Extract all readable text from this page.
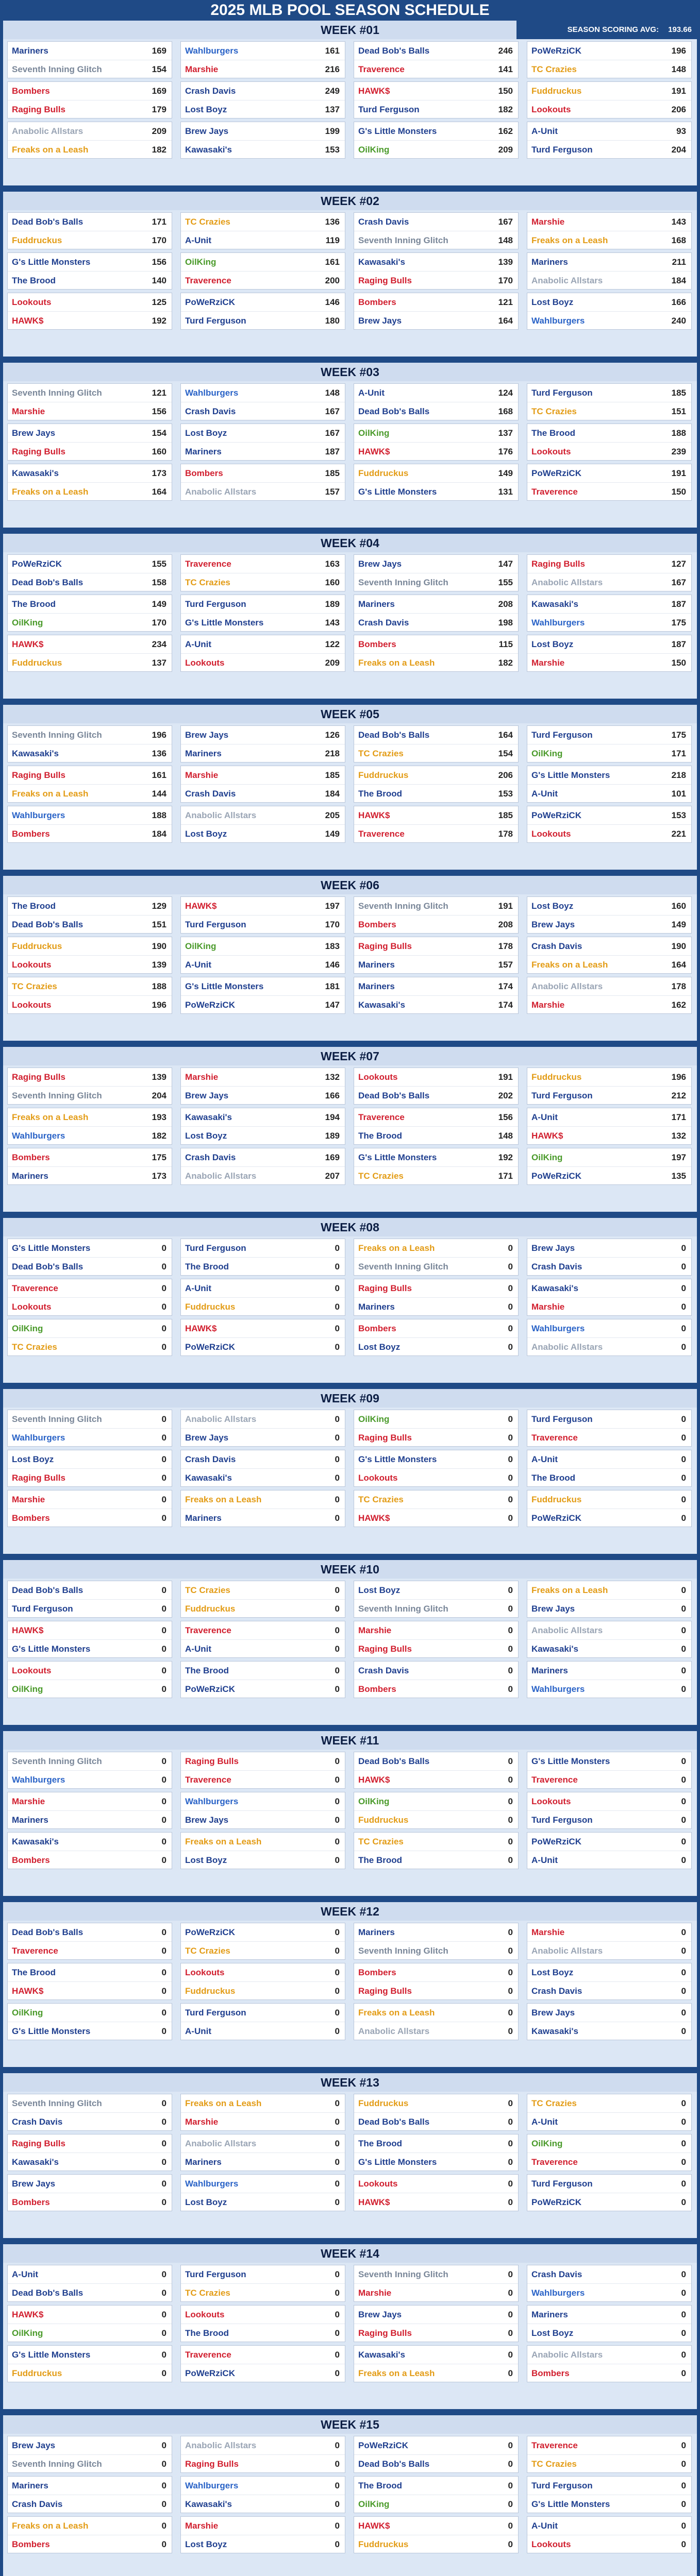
2025 MLB POOL SEASON SCHEDULE
WEEK #01	SEASON SCORING AVG: 193.66
Mariners	169
Seventh Inning Glitch	154
Wahlburgers	161
Marshie	216
Dead Bob's Balls	246
Traverence	141
PoWeRziCK	196
TC Crazies	148
Bombers	169
Raging Bulls	179
Crash Davis	249
Lost Boyz	137
HAWK$	150
Turd Ferguson	182
Fuddruckus	191
Lookouts	206
Anabolic Allstars	209
Freaks on a Leash	182
Brew Jays	199
Kawasaki's	153
G's Little Monsters	162
OilKing	209
A-Unit	93
Turd Ferguson	204
WEEK #02
Dead Bob's Balls	171
Fuddruckus	170
TC Crazies	136
A-Unit	119
Crash Davis	167
Seventh Inning Glitch	148
Marshie	143
Freaks on a Leash	168
G's Little Monsters	156
The Brood	140
OilKing	161
Traverence	200
Kawasaki's	139
Raging Bulls	170
Mariners	211
Anabolic Allstars	184
Lookouts	125
HAWK$	192
PoWeRziCK	146
Turd Ferguson	180
Bombers	121
Brew Jays	164
Lost Boyz	166
Wahlburgers	240
WEEK #03
Seventh Inning Glitch	121
Marshie	156
Wahlburgers	148
Crash Davis	167
A-Unit	124
Dead Bob's Balls	168
Turd Ferguson	185
TC Crazies	151
Brew Jays	154
Raging Bulls	160
Lost Boyz	167
Mariners	187
OilKing	137
HAWK$	176
The Brood	188
Lookouts	239
Kawasaki's	173
Freaks on a Leash	164
Bombers	185
Anabolic Allstars	157
Fuddruckus	149
G's Little Monsters	131
PoWeRziCK	191
Traverence	150
WEEK #04
PoWeRziCK	155
Dead Bob's Balls	158
Traverence	163
TC Crazies	160
Brew Jays	147
Seventh Inning Glitch	155
Raging Bulls	127
Anabolic Allstars	167
The Brood	149
OilKing	170
Turd Ferguson	189
G's Little Monsters	143
Mariners	208
Crash Davis	198
Kawasaki's	187
Wahlburgers	175
HAWK$	234
Fuddruckus	137
A-Unit	122
Lookouts	209
Bombers	115
Freaks on a Leash	182
Lost Boyz	187
Marshie	150
WEEK #05
Seventh Inning Glitch	196
Kawasaki's	136
Brew Jays	126
Mariners	218
Dead Bob's Balls	164
TC Crazies	154
Turd Ferguson	175
OilKing	171
Raging Bulls	161
Freaks on a Leash	144
Marshie	185
Crash Davis	184
Fuddruckus	206
The Brood	153
G's Little Monsters	218
A-Unit	101
Wahlburgers	188
Bombers	184
Anabolic Allstars	205
Lost Boyz	149
HAWK$	185
Traverence	178
PoWeRziCK	153
Lookouts	221
WEEK #06
The Brood	129
Dead Bob's Balls	151
HAWK$	197
Turd Ferguson	170
Seventh Inning Glitch	191
Bombers	208
Lost Boyz	160
Brew Jays	149
Fuddruckus	190
Lookouts	139
OilKing	183
A-Unit	146
Raging Bulls	178
Mariners	157
Crash Davis	190
Freaks on a Leash	164
TC Crazies	188
Lookouts	196
G's Little Monsters	181
PoWeRziCK	147
Mariners	174
Kawasaki's	174
Anabolic Allstars	178
Marshie	162
WEEK #07
Raging Bulls	139
Seventh Inning Glitch	204
Marshie	132
Brew Jays	166
Lookouts	191
Dead Bob's Balls	202
Fuddruckus	196
Turd Ferguson	212
Freaks on a Leash	193
Wahlburgers	182
Kawasaki's	194
Lost Boyz	189
Traverence	156
The Brood	148
A-Unit	171
HAWK$	132
Bombers	175
Mariners	173
Crash Davis	169
Anabolic Allstars	207
G's Little Monsters	192
TC Crazies	171
OilKing	197
PoWeRziCK	135
WEEK #08
G's Little Monsters	0
Dead Bob's Balls	0
Turd Ferguson	0
The Brood	0
Freaks on a Leash	0
Seventh Inning Glitch	0
Brew Jays	0
Crash Davis	0
Traverence	0
Lookouts	0
A-Unit	0
Fuddruckus	0
Raging Bulls	0
Mariners	0
Kawasaki's	0
Marshie	0
OilKing	0
TC Crazies	0
HAWK$	0
PoWeRziCK	0
Bombers	0
Lost Boyz	0
Wahlburgers	0
Anabolic Allstars	0
WEEK #09
Seventh Inning Glitch	0
Wahlburgers	0
Anabolic Allstars	0
Brew Jays	0
OilKing	0
Raging Bulls	0
Turd Ferguson	0
Traverence	0
Lost Boyz	0
Raging Bulls	0
Crash Davis	0
Kawasaki's	0
G's Little Monsters	0
Lookouts	0
A-Unit	0
The Brood	0
Marshie	0
Bombers	0
Freaks on a Leash	0
Mariners	0
TC Crazies	0
HAWK$	0
Fuddruckus	0
PoWeRziCK	0
WEEK #10
Dead Bob's Balls	0
Turd Ferguson	0
TC Crazies	0
Fuddruckus	0
Lost Boyz	0
Seventh Inning Glitch	0
Freaks on a Leash	0
Brew Jays	0
HAWK$	0
G's Little Monsters	0
Traverence	0
A-Unit	0
Marshie	0
Raging Bulls	0
Anabolic Allstars	0
Kawasaki's	0
Lookouts	0
OilKing	0
The Brood	0
PoWeRziCK	0
Crash Davis	0
Bombers	0
Mariners	0
Wahlburgers	0
WEEK #11
Seventh Inning Glitch	0
Wahlburgers	0
Raging Bulls	0
Traverence	0
Dead Bob's Balls	0
HAWK$	0
G's Little Monsters	0
Traverence	0
Marshie	0
Mariners	0
Wahlburgers	0
Brew Jays	0
OilKing	0
Fuddruckus	0
Lookouts	0
Turd Ferguson	0
Kawasaki's	0
Bombers	0
Freaks on a Leash	0
Lost Boyz	0
TC Crazies	0
The Brood	0
PoWeRziCK	0
A-Unit	0
WEEK #12
Dead Bob's Balls	0
Traverence	0
PoWeRziCK	0
TC Crazies	0
Mariners	0
Seventh Inning Glitch	0
Marshie	0
Anabolic Allstars	0
The Brood	0
HAWK$	0
Lookouts	0
Fuddruckus	0
Bombers	0
Raging Bulls	0
Lost Boyz	0
Crash Davis	0
OilKing	0
G's Little Monsters	0
Turd Ferguson	0
A-Unit	0
Freaks on a Leash	0
Anabolic Allstars	0
Brew Jays	0
Kawasaki's	0
WEEK #13
Seventh Inning Glitch	0
Crash Davis	0
Freaks on a Leash	0
Marshie	0
Fuddruckus	0
Dead Bob's Balls	0
TC Crazies	0
A-Unit	0
Raging Bulls	0
Kawasaki's	0
Anabolic Allstars	0
Mariners	0
The Brood	0
G's Little Monsters	0
OilKing	0
Traverence	0
Brew Jays	0
Bombers	0
Wahlburgers	0
Lost Boyz	0
Lookouts	0
HAWK$	0
Turd Ferguson	0
PoWeRziCK	0
WEEK #14
A-Unit	0
Dead Bob's Balls	0
Turd Ferguson	0
TC Crazies	0
Seventh Inning Glitch	0
Marshie	0
Crash Davis	0
Wahlburgers	0
HAWK$	0
OilKing	0
Lookouts	0
The Brood	0
Brew Jays	0
Raging Bulls	0
Mariners	0
Lost Boyz	0
G's Little Monsters	0
Fuddruckus	0
Traverence	0
PoWeRziCK	0
Kawasaki's	0
Freaks on a Leash	0
Anabolic Allstars	0
Bombers	0
WEEK #15
Brew Jays	0
Seventh Inning Glitch	0
Anabolic Allstars	0
Raging Bulls	0
PoWeRziCK	0
Dead Bob's Balls	0
Traverence	0
TC Crazies	0
Mariners	0
Crash Davis	0
Wahlburgers	0
Kawasaki's	0
The Brood	0
OilKing	0
Turd Ferguson	0
G's Little Monsters	0
Freaks on a Leash	0
Bombers	0
Marshie	0
Lost Boyz	0
HAWK$	0
Fuddruckus	0
A-Unit	0
Lookouts	0
